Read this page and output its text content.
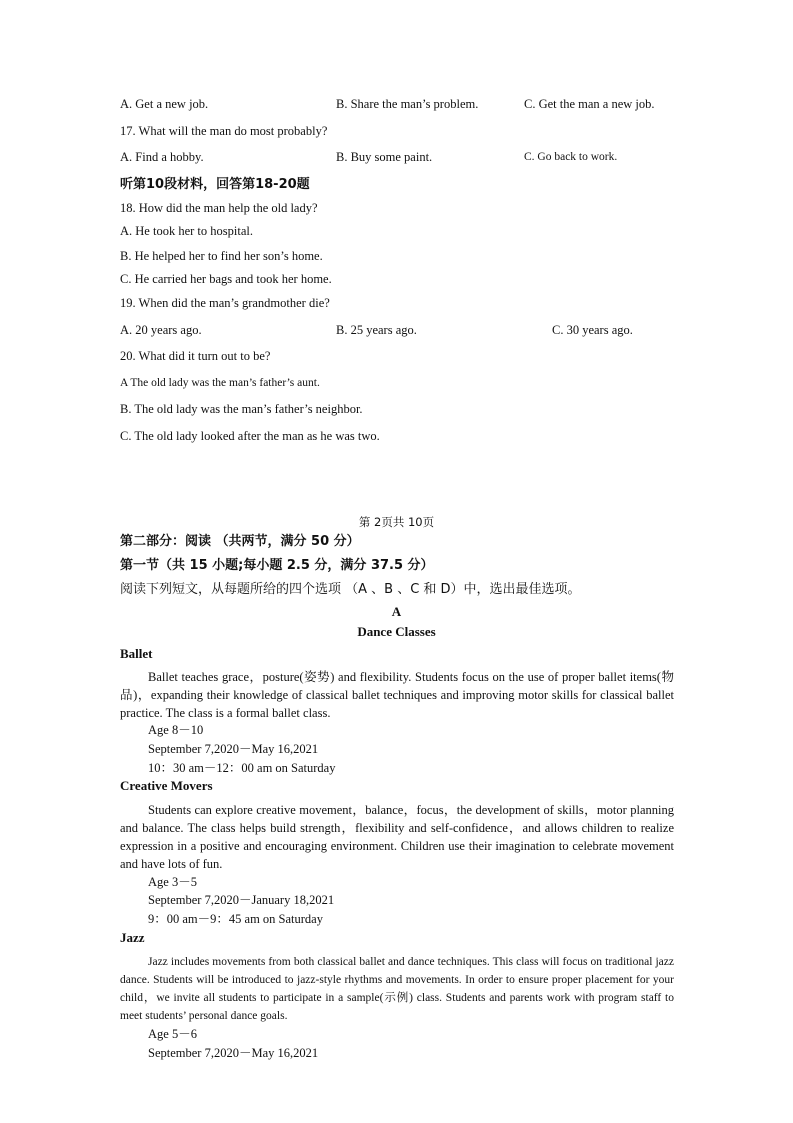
A. Get a new job.	B. Share the man’s problem.	C. Get the man a new job.
17. What will the man do most probably?
A. Find a hobby.	B. Buy some paint.	C. Go back to work.
听第10段材料，回答第18-20题
18. How did the man help the old lady?
A. He took her to hospital.
B. He helped her to find her son’s home.
C. He carried her bags and took her home.
19. When did the man’s grandmother die?
A. 20 years ago.	B. 25 years ago.	C. 30 years ago.
20. What did it turn out to be?
A The old lady was the man’s father’s aunt.
B. The old lady was the man’s father’s neighbor.
C. The old lady looked after the man as he was two.
第 2页共 10页
第二部分：阅读 （共两节，满分 50 分）
第一节（共 15 小题;每小题 2.5 分，满分 37.5 分）
阅读下列短文，从每题所给的四个选项 （A 、B 、C 和 D）中，选出最佳选项。
A
Dance Classes
Ballet
Ballet teaches grace，posture(姿势) and flexibility. Students focus on the use of proper ballet items(物品)，expanding their knowledge of classical ballet techniques and improving motor skills for classical ballet practice. The class is a formal ballet class.
Age 8－10
September 7,2020－May 16,2021
10：30 am－12：00 am on Saturday
Creative Movers
Students can explore creative movement，balance，focus，the development of skills，motor planning and balance. The class helps build strength，flexibility and self-confidence，and allows children to realize expression in a positive and encouraging environment. Children use their imagination to celebrate movement and have lots of fun.
Age 3－5
September 7,2020－January 18,2021
9：00 am－9：45 am on Saturday
Jazz
Jazz includes movements from both classical ballet and dance techniques. This class will focus on traditional jazz dance. Students will be introduced to jazz-style rhythms and movements. In order to ensure proper placement for your child，we invite all students to participate in a sample(示例) class. Students and parents work with program staff to meet students’ personal dance goals.
Age 5－6
September 7,2020－May 16,2021
